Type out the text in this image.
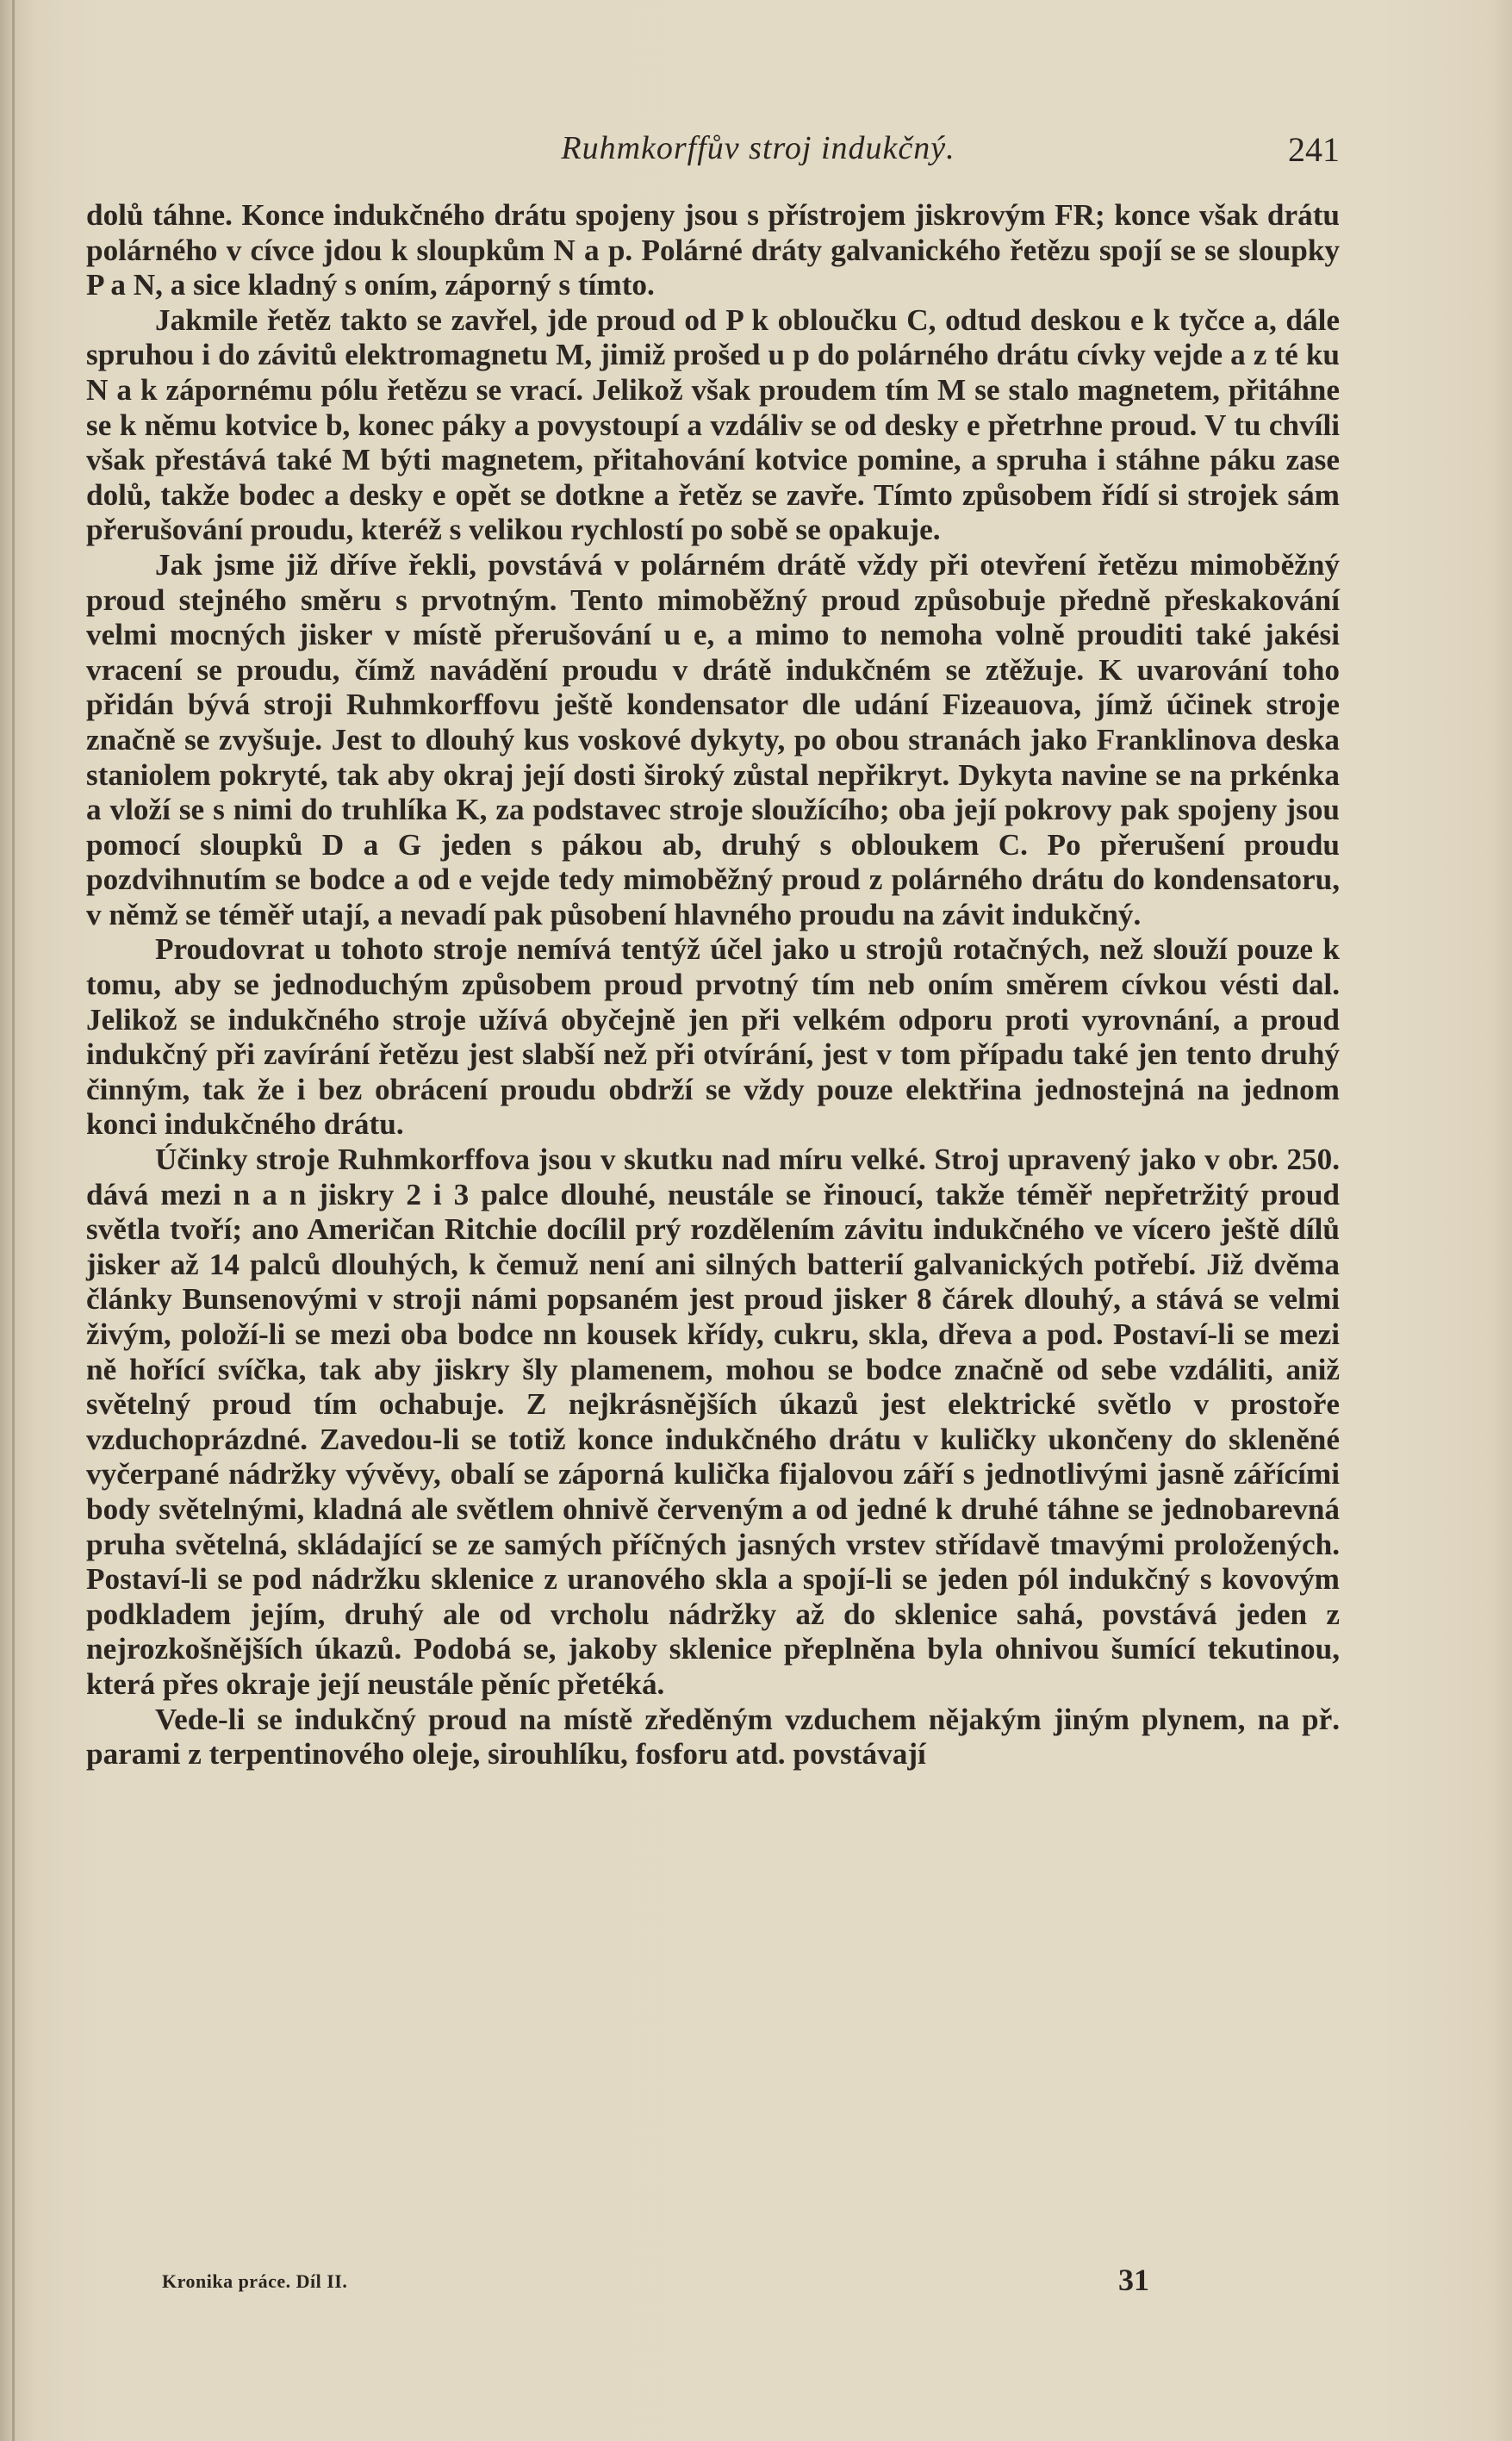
Ruhmkorffův stroj indukčný.	241

dolů táhne. Konce indukčného drátu spojeny jsou s přístrojem jiskrovým FR; konce však drátu polárného v cívce jdou k sloupkům N a p. Polárné dráty galvanického řetězu spojí se se sloupky P a N, a sice kladný s oním, záporný s tímto.

Jakmile řetěz takto se zavřel, jde proud od P k obloučku C, odtud deskou e k tyčce a, dále spruhou i do závitů elektromagnetu M, jimiž prošed u p do polárného drátu cívky vejde a z té ku N a k zápornému pólu řetězu se vrací. Jelikož však proudem tím M se stalo magnetem, přitáhne se k němu kotvice b, konec páky a povystoupí a vzdáliv se od desky e přetrhne proud. V tu chvíli však přestává také M býti magnetem, přitahování kotvice pomine, a spruha i stáhne páku zase dolů, takže bodec a desky e opět se dotkne a řetěz se zavře. Tímto způsobem řídí si strojek sám přerušování proudu, kteréž s velikou rychlostí po sobě se opakuje.

Jak jsme již dříve řekli, povstává v polárném drátě vždy při otevření řetězu mimoběžný proud stejného směru s prvotným. Tento mimoběžný proud způsobuje předně přeskakování velmi mocných jisker v místě přerušování u e, a mimo to nemoha volně prouditi také jakési vracení se proudu, čímž navádění proudu v drátě indukčném se ztěžuje. K uvarování toho přidán bývá stroji Ruhmkorffovu ještě kondensator dle udání Fizeauova, jímž účinek stroje značně se zvyšuje. Jest to dlouhý kus voskové dykyty, po obou stranách jako Franklinova deska staniolem pokryté, tak aby okraj její dosti široký zůstal nepřikryt. Dykyta navine se na prkénka a vloží se s nimi do truhlíka K, za podstavec stroje sloužícího; oba její pokrovy pak spojeny jsou pomocí sloupků D a G jeden s pákou ab, druhý s obloukem C. Po přerušení proudu pozdvihnutím se bodce a od e vejde tedy mimoběžný proud z polárného drátu do kondensatoru, v němž se téměř utají, a nevadí pak působení hlavného proudu na závit indukčný.

Proudovrat u tohoto stroje nemívá tentýž účel jako u strojů rotačných, než slouží pouze k tomu, aby se jednoduchým způsobem proud prvotný tím neb oním směrem cívkou vésti dal. Jelikož se indukčného stroje užívá obyčejně jen při velkém odporu proti vyrovnání, a proud indukčný při zavírání řetězu jest slabší než při otvírání, jest v tom případu také jen tento druhý činným, tak že i bez obrácení proudu obdrží se vždy pouze elektřina jednostejná na jednom konci indukčného drátu.

Účinky stroje Ruhmkorffova jsou v skutku nad míru velké. Stroj upravený jako v obr. 250. dává mezi n a n jiskry 2 i 3 palce dlouhé, neustále se řinoucí, takže téměř nepřetržitý proud světla tvoří; ano Američan Ritchie docílil prý rozdělením závitu indukčného ve vícero ještě dílů jisker až 14 palců dlouhých, k čemuž není ani silných batterií galvanických potřebí. Již dvěma články Bunsenovými v stroji námi popsaném jest proud jisker 8 čárek dlouhý, a stává se velmi živým, položí-li se mezi oba bodce nn kousek křídy, cukru, skla, dřeva a pod. Postaví-li se mezi ně hořící svíčka, tak aby jiskry šly plamenem, mohou se bodce značně od sebe vzdáliti, aniž světelný proud tím ochabuje. Z nejkrásnějších úkazů jest elektrické světlo v prostoře vzduchoprázdné. Zavedou-li se totiž konce indukčného drátu v kuličky ukončeny do skleněné vyčerpané nádržky vývěvy, obalí se záporná kulička fijalovou září s jednotlivými jasně zářícími body světelnými, kladná ale světlem ohnivě červeným a od jedné k druhé táhne se jednobarevná pruha světelná, skládající se ze samých příčných jasných vrstev střídavě tmavými proložených. Postaví-li se pod nádržku sklenice z uranového skla a spojí-li se jeden pól indukčný s kovovým podkladem jejím, druhý ale od vrcholu nádržky až do sklenice sahá, povstává jeden z nejrozkošnějších úkazů. Podobá se, jakoby sklenice přeplněna byla ohnivou šumící tekutinou, která přes okraje její neustále pěníc přetéká.

Vede-li se indukčný proud na místě zředěným vzduchem nějakým jiným plynem, na př. parami z terpentinového oleje, sirouhlíku, fosforu atd. povstávají

Kronika práce. Díl II.	31
